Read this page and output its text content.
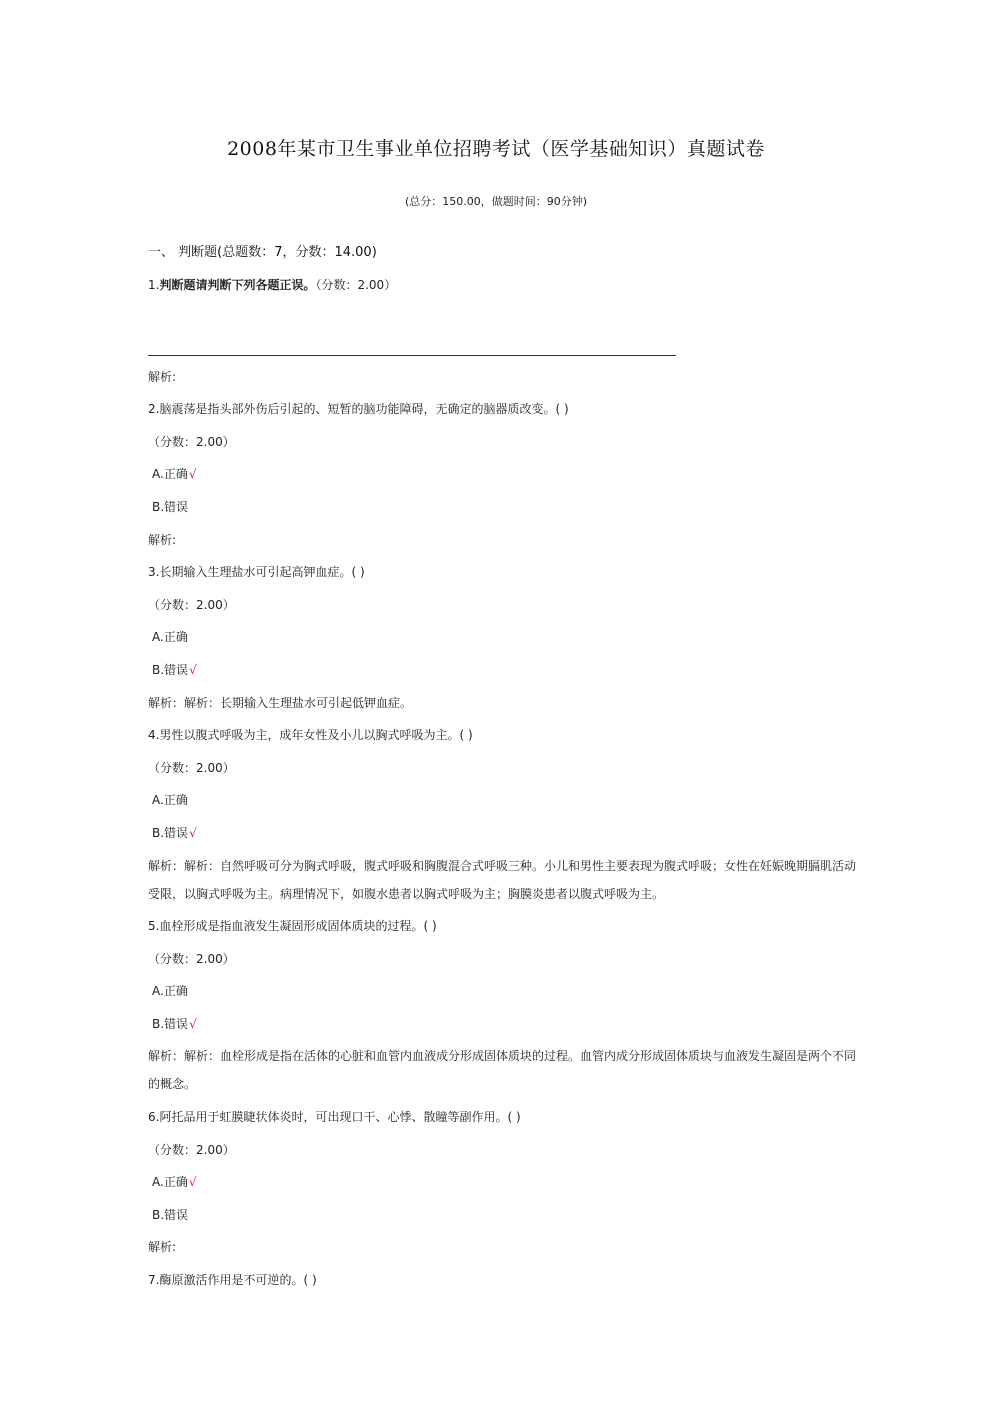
2008年某市卫生事业单位招聘考试（医学基础知识）真题试卷
(总分：150.00，做题时间：90分钟)
一、 判断题(总题数：7，分数：14.00)
1.判断题请判断下列各题正误。（分数：2.00）
解析:
2.脑震荡是指头部外伤后引起的、短暂的脑功能障碍，无确定的脑器质改变。( )
（分数：2.00）
A.正确√
B.错误
解析:
3.长期输入生理盐水可引起高钾血症。( )
（分数：2.00）
A.正确
B.错误√
解析：解析：长期输入生理盐水可引起低钾血症。
4.男性以腹式呼吸为主，成年女性及小儿以胸式呼吸为主。( )
（分数：2.00）
A.正确
B.错误√
解析：解析：自然呼吸可分为胸式呼吸，腹式呼吸和胸腹混合式呼吸三种。小儿和男性主要表现为腹式呼吸；女性在妊娠晚期膈肌活动
受限，以胸式呼吸为主。病理情况下，如腹水患者以胸式呼吸为主；胸膜炎患者以腹式呼吸为主。
5.血栓形成是指血液发生凝固形成固体质块的过程。( )
（分数：2.00）
A.正确
B.错误√
解析：解析：血栓形成是指在活体的心脏和血管内血液成分形成固体质块的过程。血管内成分形成固体质块与血液发生凝固是两个不同
的概念。
6.阿托品用于虹膜睫状体炎时，可出现口干、心悸、散瞳等副作用。( )
（分数：2.00）
A.正确√
B.错误
解析:
7.酶原激活作用是不可逆的。( )
